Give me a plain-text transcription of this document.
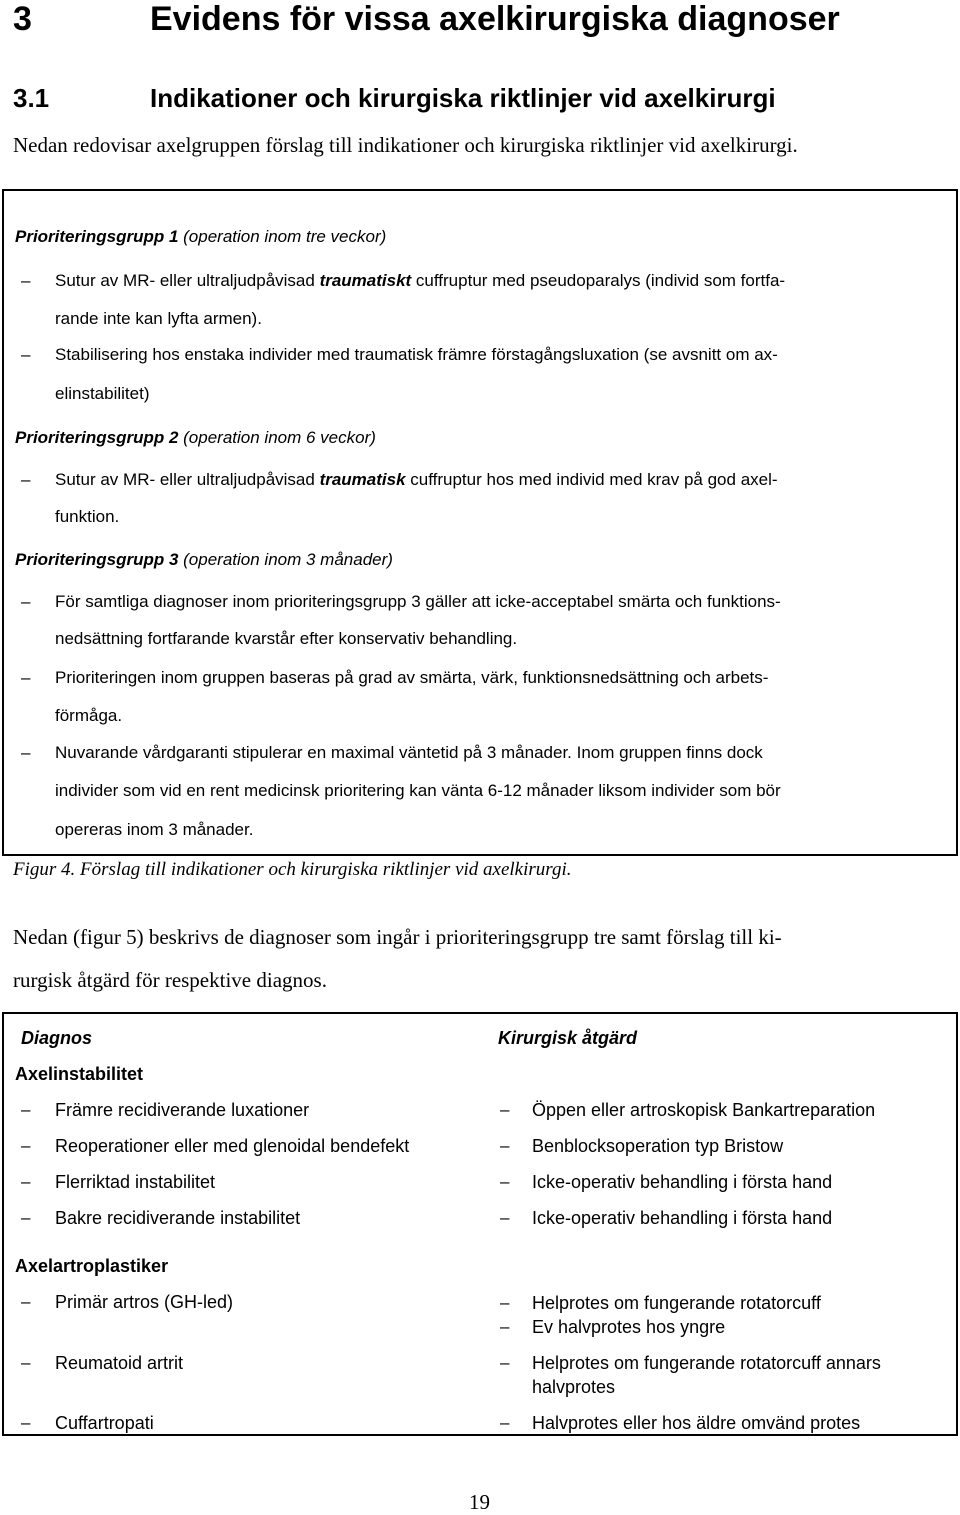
3	Evidens för vissa axelkirurgiska diagnoser
3.1	Indikationer och kirurgiska riktlinjer vid axelkirurgi
Nedan redovisar axelgruppen förslag till indikationer och kirurgiska riktlinjer vid axelkirurgi.
Prioriteringsgrupp 1 (operation inom tre veckor)
– Sutur av MR- eller ultraljudpåvisad traumatiskt cuffruptur med pseudoparalys (individ som fortfa-
rande inte kan lyfta armen).
– Stabilisering hos enstaka individer med traumatisk främre förstagångsluxation (se avsnitt om ax-
elinstabilitet)
Prioriteringsgrupp 2 (operation inom 6 veckor)
– Sutur av MR- eller ultraljudpåvisad traumatisk cuffruptur hos med individ med krav på god axel-
funktion.
Prioriteringsgrupp 3 (operation inom 3 månader)
– För samtliga diagnoser inom prioriteringsgrupp 3 gäller att icke-acceptabel smärta och funktions-
nedsättning fortfarande kvarstår efter konservativ behandling.
– Prioriteringen inom gruppen baseras på grad av smärta, värk, funktionsnedsättning och arbets-
förmåga.
– Nuvarande vårdgaranti stipulerar en maximal väntetid på 3 månader. Inom gruppen finns dock
individer som vid en rent medicinsk prioritering kan vänta 6-12 månader liksom individer som bör
opereras inom 3 månader.
Figur 4. Förslag till indikationer och kirurgiska riktlinjer vid axelkirurgi.
Nedan (figur 5) beskrivs de diagnoser som ingår i prioriteringsgrupp tre samt förslag till ki-
rurgisk åtgärd för respektive diagnos.
Diagnos	Kirurgisk åtgärd
Axelinstabilitet
– Främre recidiverande luxationer	– Öppen eller artroskopisk Bankartreparation
– Reoperationer eller med glenoidal bendefekt	– Benblocksoperation typ Bristow
– Flerriktad instabilitet	– Icke-operativ behandling i första hand
– Bakre recidiverande instabilitet	– Icke-operativ behandling i första hand
Axelartroplastiker
– Primär artros (GH-led)	– Helprotes om fungerande rotatorcuff
– Ev halvprotes hos yngre
– Reumatoid artrit	– Helprotes om fungerande rotatorcuff annars
halvprotes
– Cuffartropati	– Halvprotes eller hos äldre omvänd protes
19
